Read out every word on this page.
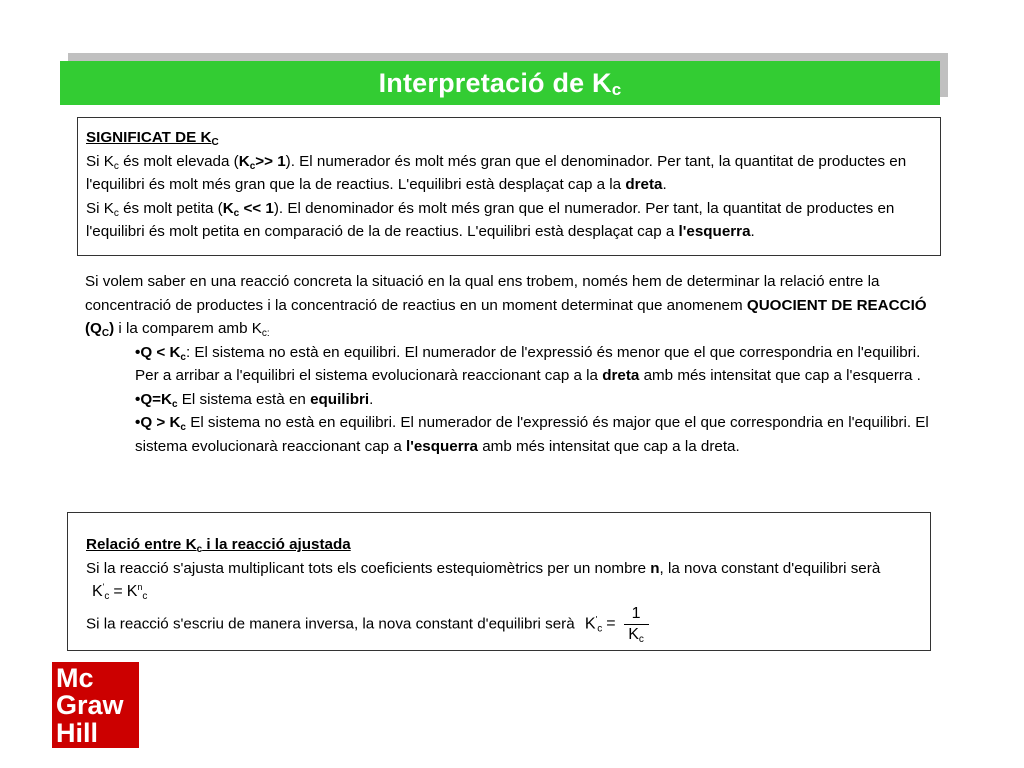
Interpretació de $K_c$
SIGNIFICAT DE $K_C$
Si $K_c$ és molt elevada $(K_c>> 1)$. El numerador és molt més gran que el denominador. Per tant, la quantitat de productes en l'equilibri és molt més gran que la de reactius. L'equilibri està desplaçat cap a la dreta.
Si $K_c$ és molt petita $(K_c << 1)$. El denominador és molt més gran que el numerador. Per tant, la quantitat de productes en l'equilibri és molt petita en comparació de la de reactius. L'equilibri està desplaçat cap a l'esquerra.
Si volem saber en una reacció concreta la situació en la qual ens trobem, només hem de determinar la relació entre la concentració de productes i la concentració de reactius en un moment determinat que anomenem QUOCIENT DE REACCIÓ $(Q_C)$ i la comparem amb $K_{c:}$
•Q < $K_c$: El sistema no està en equilibri. El numerador de l'expressió és menor que el que correspondria en l'equilibri. Per a arribar a l'equilibri el sistema evolucionarà reaccionant cap a la dreta amb més intensitat que cap a l'esquerra .
$•Q=K_c$ El sistema està en equilibri.
•Q > $K_c$ El sistema no està en equilibri. El numerador de l'expressió és major que el que correspondria en l'equilibri. El sistema evolucionarà reaccionant cap a l'esquerra amb més intensitat que cap a la dreta.
Relació entre $K_c$ i la reacció ajustada
Si la reacció s'ajusta multiplicant tots els coeficients estequiomètrics per un nombre n, la nova constant d'equilibri serà $K'_c = K^n_c$
Si la reacció s'escriu de manera inversa, la nova constant d'equilibri serà $K'_c = \frac{1}{K_c}$
Mc
Graw
Hill
